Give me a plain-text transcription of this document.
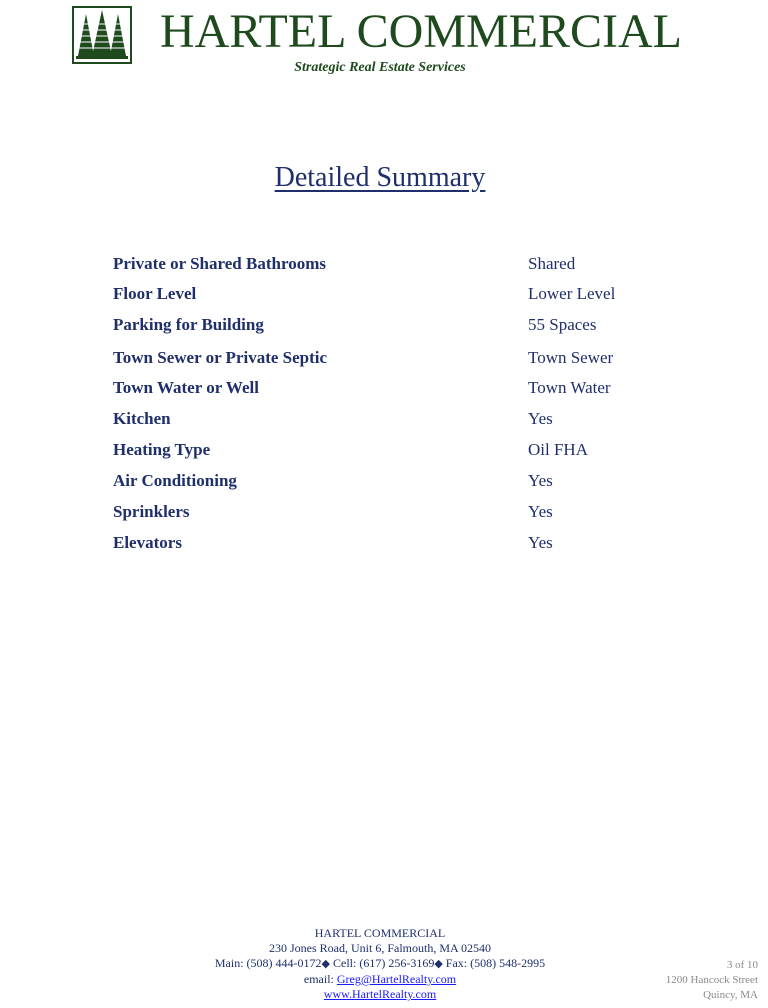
HARTEL COMMERCIAL
Strategic Real Estate Services
Detailed Summary
Private or Shared Bathrooms	Shared
Floor Level	Lower Level
Parking for Building	55 Spaces
Town Sewer or Private Septic	Town Sewer
Town Water or Well	Town Water
Kitchen	Yes
Heating Type	Oil FHA
Air Conditioning	Yes
Sprinklers	Yes
Elevators	Yes
HARTEL COMMERCIAL
230 Jones Road, Unit 6, Falmouth, MA 02540
Main: (508) 444-0172◆ Cell: (617) 256-3169◆ Fax: (508) 548-2995
email: Greg@HartelRealty.com
www.HartelRealty.com
3 of 10
1200 Hancock Street
Quincy, MA
